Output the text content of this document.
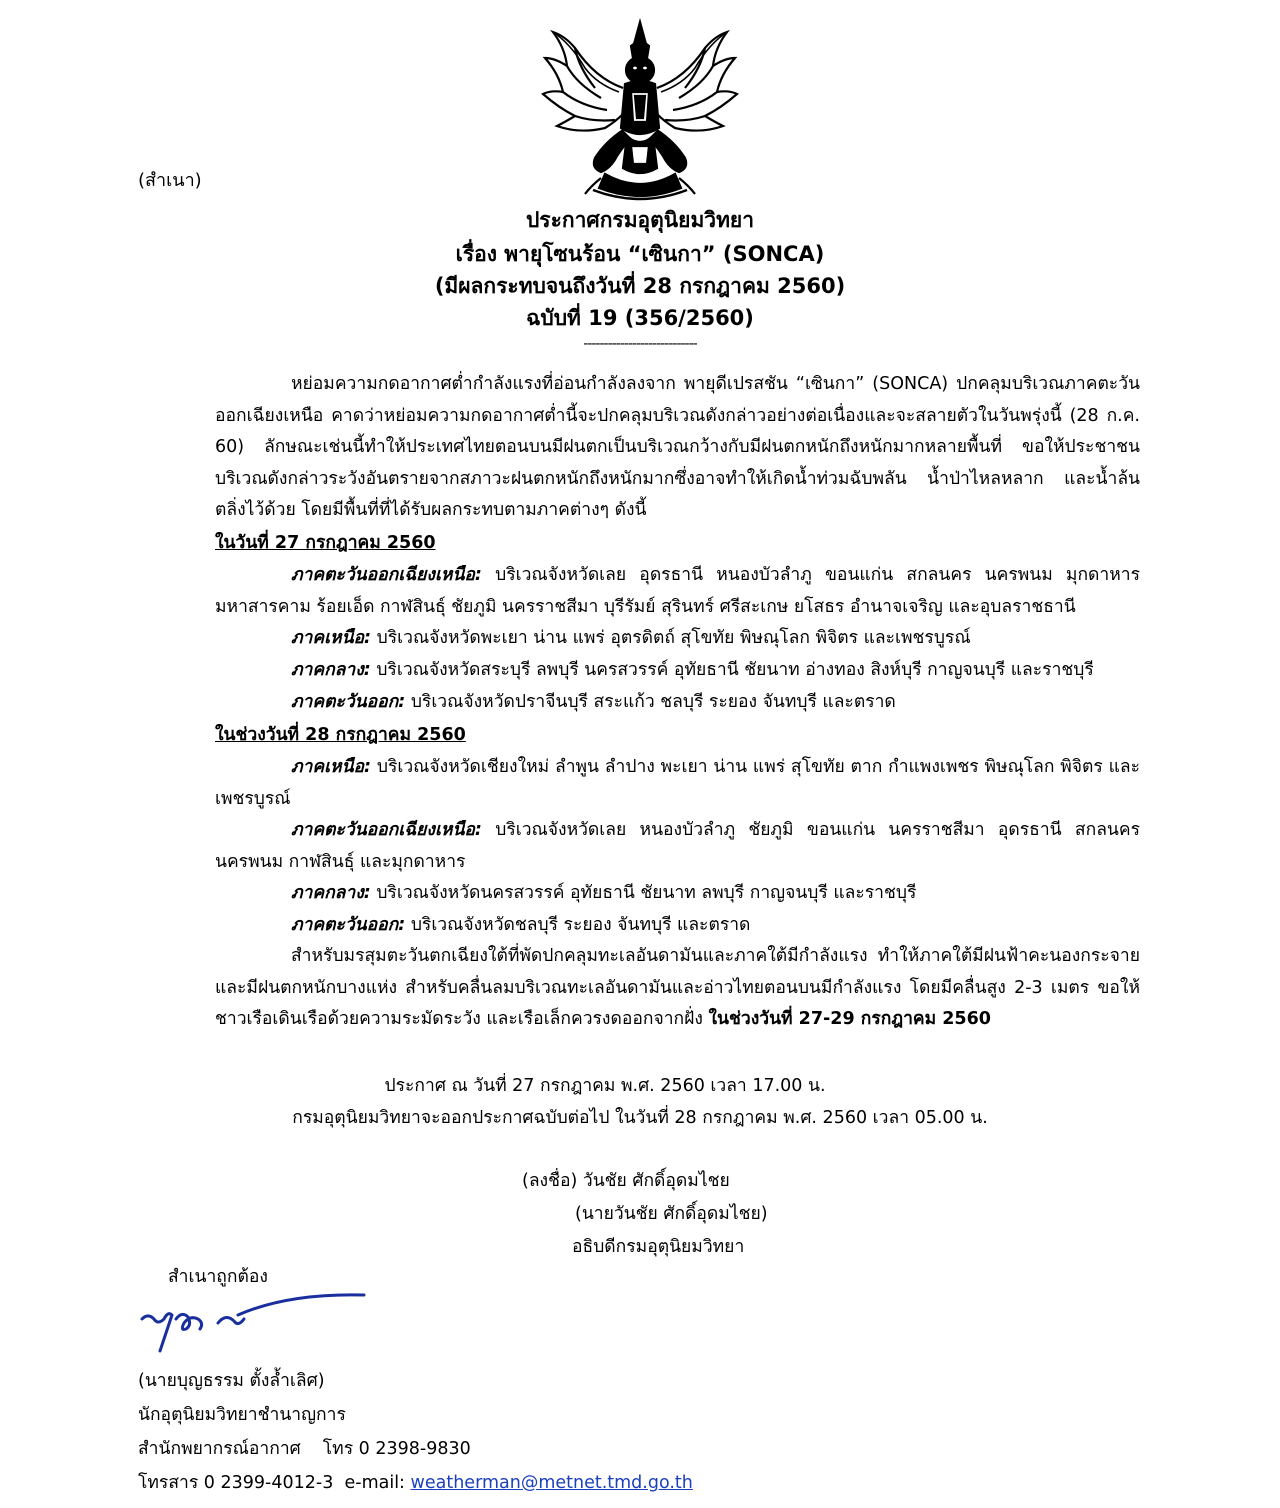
(สำเนา)
ประกาศกรมอุตุนิยมวิทยา
เรื่อง พายุโซนร้อน “เซินกา” (SONCA)
(มีผลกระทบจนถึงวันที่ 28 กรกฎาคม 2560)
ฉบับที่ 19 (356/2560)
----------------------------
หย่อมความกดอากาศต่ำกำลังแรงที่อ่อนกำลังลงจาก พายุดีเปรสชัน “เซินกา” (SONCA) ปกคลุมบริเวณภาคตะวันออกเฉียงเหนือ คาดว่าหย่อมความกดอากาศต่ำนี้จะปกคลุมบริเวณดังกล่าวอย่างต่อเนื่องและจะสลายตัวในวันพรุ่งนี้ (28 ก.ค. 60) ลักษณะเช่นนี้ทำให้ประเทศไทยตอนบนมีฝนตกเป็นบริเวณกว้างกับมีฝนตกหนักถึงหนักมากหลายพื้นที่ ขอให้ประชาชนบริเวณดังกล่าวระวังอันตรายจากสภาวะฝนตกหนักถึงหนักมากซึ่งอาจทำให้เกิดน้ำท่วมฉับพลัน น้ำป่าไหลหลาก และน้ำล้นตลิ่งไว้ด้วย โดยมีพื้นที่ที่ได้รับผลกระทบตามภาคต่างๆ ดังนี้
ในวันที่ 27 กรกฎาคม 2560
ภาคตะวันออกเฉียงเหนือ: บริเวณจังหวัดเลย อุดรธานี หนองบัวลำภู ขอนแก่น สกลนคร นครพนม มุกดาหาร มหาสารคาม ร้อยเอ็ด กาฬสินธุ์ ชัยภูมิ นครราชสีมา บุรีรัมย์ สุรินทร์ ศรีสะเกษ ยโสธร อำนาจเจริญ และอุบลราชธานี
ภาคเหนือ: บริเวณจังหวัดพะเยา น่าน แพร่ อุตรดิตถ์ สุโขทัย พิษณุโลก พิจิตร และเพชรบูรณ์
ภาคกลาง: บริเวณจังหวัดสระบุรี ลพบุรี นครสวรรค์ อุทัยธานี ชัยนาท อ่างทอง สิงห์บุรี กาญจนบุรี และราชบุรี
ภาคตะวันออก: บริเวณจังหวัดปราจีนบุรี สระแก้ว ชลบุรี ระยอง จันทบุรี และตราด
ในช่วงวันที่ 28 กรกฎาคม 2560
ภาคเหนือ: บริเวณจังหวัดเชียงใหม่ ลำพูน ลำปาง พะเยา น่าน แพร่ สุโขทัย ตาก กำแพงเพชร พิษณุโลก พิจิตร และเพชรบูรณ์
ภาคตะวันออกเฉียงเหนือ: บริเวณจังหวัดเลย หนองบัวลำภู ชัยภูมิ ขอนแก่น นครราชสีมา อุดรธานี สกลนคร นครพนม กาฬสินธุ์ และมุกดาหาร
ภาคกลาง: บริเวณจังหวัดนครสวรรค์ อุทัยธานี ชัยนาท ลพบุรี กาญจนบุรี และราชบุรี
ภาคตะวันออก: บริเวณจังหวัดชลบุรี ระยอง จันทบุรี และตราด
สำหรับมรสุมตะวันตกเฉียงใต้ที่พัดปกคลุมทะเลอันดามันและภาคใต้มีกำลังแรง ทำให้ภาคใต้มีฝนฟ้าคะนองกระจายและมีฝนตกหนักบางแห่ง สำหรับคลื่นลมบริเวณทะเลอันดามันและอ่าวไทยตอนบนมีกำลังแรง โดยมีคลื่นสูง 2-3 เมตร ขอให้ชาวเรือเดินเรือด้วยความระมัดระวัง และเรือเล็กควรงดออกจากฝั่ง ในช่วงวันที่ 27-29 กรกฎาคม 2560
ประกาศ ณ วันที่ 27 กรกฎาคม พ.ศ. 2560 เวลา 17.00 น.
กรมอุตุนิยมวิทยาจะออกประกาศฉบับต่อไป ในวันที่ 28 กรกฎาคม พ.ศ. 2560 เวลา 05.00 น.
(ลงชื่อ) วันชัย ศักดิ์อุดมไชย
(นายวันชัย ศักดิ์อุดมไชย)
อธิบดีกรมอุตุนิยมวิทยา
สำเนาถูกต้อง
(นายบุญธรรม ตั้งล้ำเลิศ)
นักอุตุนิยมวิทยาชำนาญการ
สำนักพยากรณ์อากาศ โทร 0 2398-9830
โทรสาร 0 2399-4012-3 e-mail: weatherman@metnet.tmd.go.th
